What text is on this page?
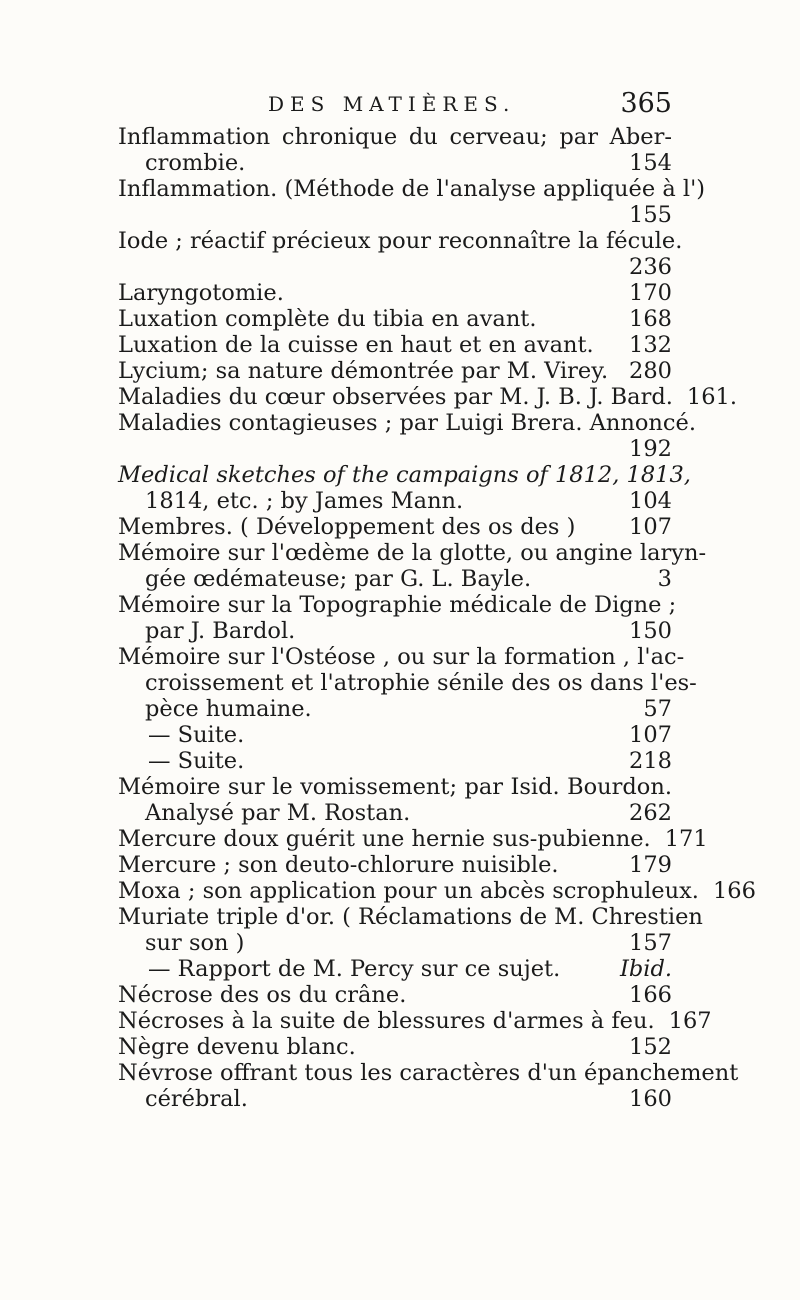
DES MATIÈRES.	365
Inflammation chronique du cerveau; par Aber-
crombie.	154
Inflammation. (Méthode de l'analyse appliquée à l')
155
Iode ; réactif précieux pour reconnaître la fécule.
236
Laryngotomie.	170
Luxation complète du tibia en avant.	168
Luxation de la cuisse en haut et en avant. 132
Lycium; sa nature démontrée par M. Virey. 280
Maladies du cœur observées par M. J. B. J. Bard. 161.
Maladies contagieuses ; par Luigi Brera. Annoncé.
192
Medical sketches of the campaigns of 1812, 1813,
1814, etc. ; by James Mann.	104
Membres. ( Développement des os des ) 107
Mémoire sur l'œdème de la glotte, ou angine laryn-
gée œdémateuse; par G. L. Bayle.	3
Mémoire sur la Topographie médicale de Digne ;
par J. Bardol.	150
Mémoire sur l'Ostéose , ou sur la formation , l'ac-
croissement et l'atrophie sénile des os dans l'es-
pèce humaine.	57
— Suite.	107
— Suite.	218
Mémoire sur le vomissement; par Isid. Bourdon.
Analysé par M. Rostan.	262
Mercure doux guérit une hernie sus-pubienne. 171
Mercure ; son deuto-chlorure nuisible.	179
Moxa ; son application pour un abcès scrophuleux. 166
Muriate triple d'or. ( Réclamations de M. Chrestien
sur son )	157
— Rapport de M. Percy sur ce sujet.	Ibid.
Nécrose des os du crâne.	166
Nécroses à la suite de blessures d'armes à feu. 167
Nègre devenu blanc.	152
Névrose offrant tous les caractères d'un épanchement
cérébral.	160
